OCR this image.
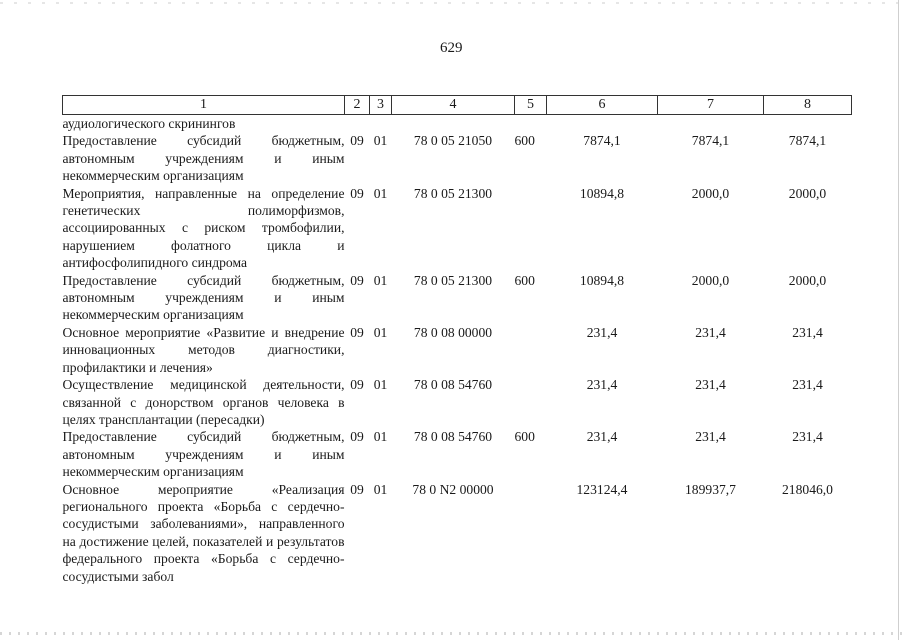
629
1	2	3	4	5	6	7	8
аудиологического скринингов							
Предоставление субсидий бюджетным, автономным учреждениям и иным некоммерческим организациям	09	01	78 0 05 21050	600	7874,1	7874,1	7874,1
Мероприятия, направленные на определение генетических полиморфизмов, ассоциированных с риском тромбофилии, нарушением фолатного цикла и антифосфолипидного синдрома	09	01	78 0 05 21300		10894,8	2000,0	2000,0
Предоставление субсидий бюджетным, автономным учреждениям и иным некоммерческим организациям	09	01	78 0 05 21300	600	10894,8	2000,0	2000,0
Основное мероприятие «Развитие и внедрение инновационных методов диагностики, профилактики и лечения»	09	01	78 0 08 00000		231,4	231,4	231,4
Осуществление медицинской деятельности, связанной с донорством органов человека в целях трансплантации (пересадки)	09	01	78 0 08 54760		231,4	231,4	231,4
Предоставление субсидий бюджетным, автономным учреждениям и иным некоммерческим организациям	09	01	78 0 08 54760	600	231,4	231,4	231,4
Основное мероприятие «Реализация регионального проекта «Борьба с сердечно-сосудистыми заболеваниями», направленного на достижение целей, показателей и результатов федерального проекта «Борьба с сердечно-сосудистыми забол	09	01	78 0 N2 00000		123124,4	189937,7	218046,0
